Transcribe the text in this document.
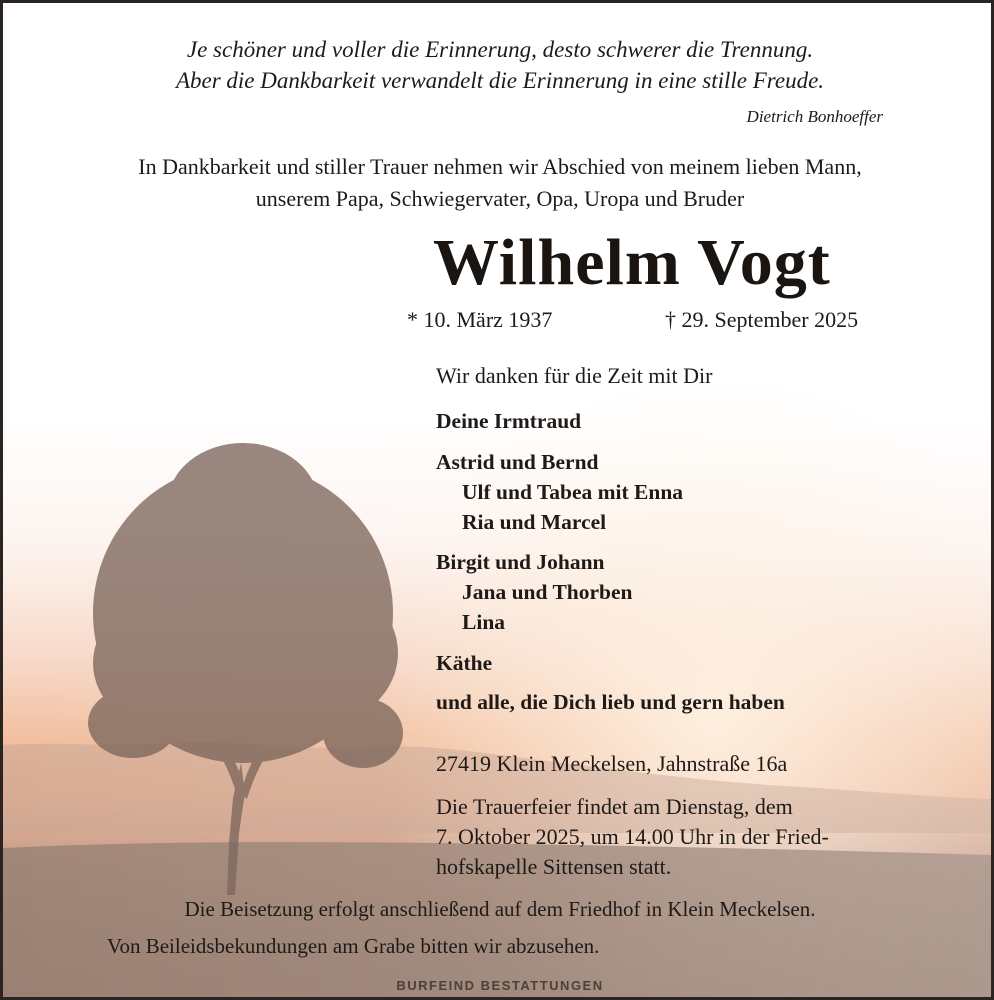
Je schöner und voller die Erinnerung, desto schwerer die Trennung.
Aber die Dankbarkeit verwandelt die Erinnerung in eine stille Freude.
Dietrich Bonhoeffer
In Dankbarkeit und stiller Trauer nehmen wir Abschied von meinem lieben Mann,
unserem Papa, Schwiegervater, Opa, Uropa und Bruder
Wilhelm Vogt
* 10. März 1937	† 29. September 2025
Wir danken für die Zeit mit Dir
Deine Irmtraud
Astrid und Bernd
Ulf und Tabea mit Enna
Ria und Marcel
Birgit und Johann
Jana und Thorben
Lina
Käthe
und alle, die Dich lieb und gern haben
27419 Klein Meckelsen, Jahnstraße 16a
Die Trauerfeier findet am Dienstag, dem
7. Oktober 2025, um 14.00 Uhr in der Fried-
hofskapelle Sittensen statt.
Die Beisetzung erfolgt anschließend auf dem Friedhof in Klein Meckelsen.
Von Beileidsbekundungen am Grabe bitten wir abzusehen.
BURFEIND BESTATTUNGEN
